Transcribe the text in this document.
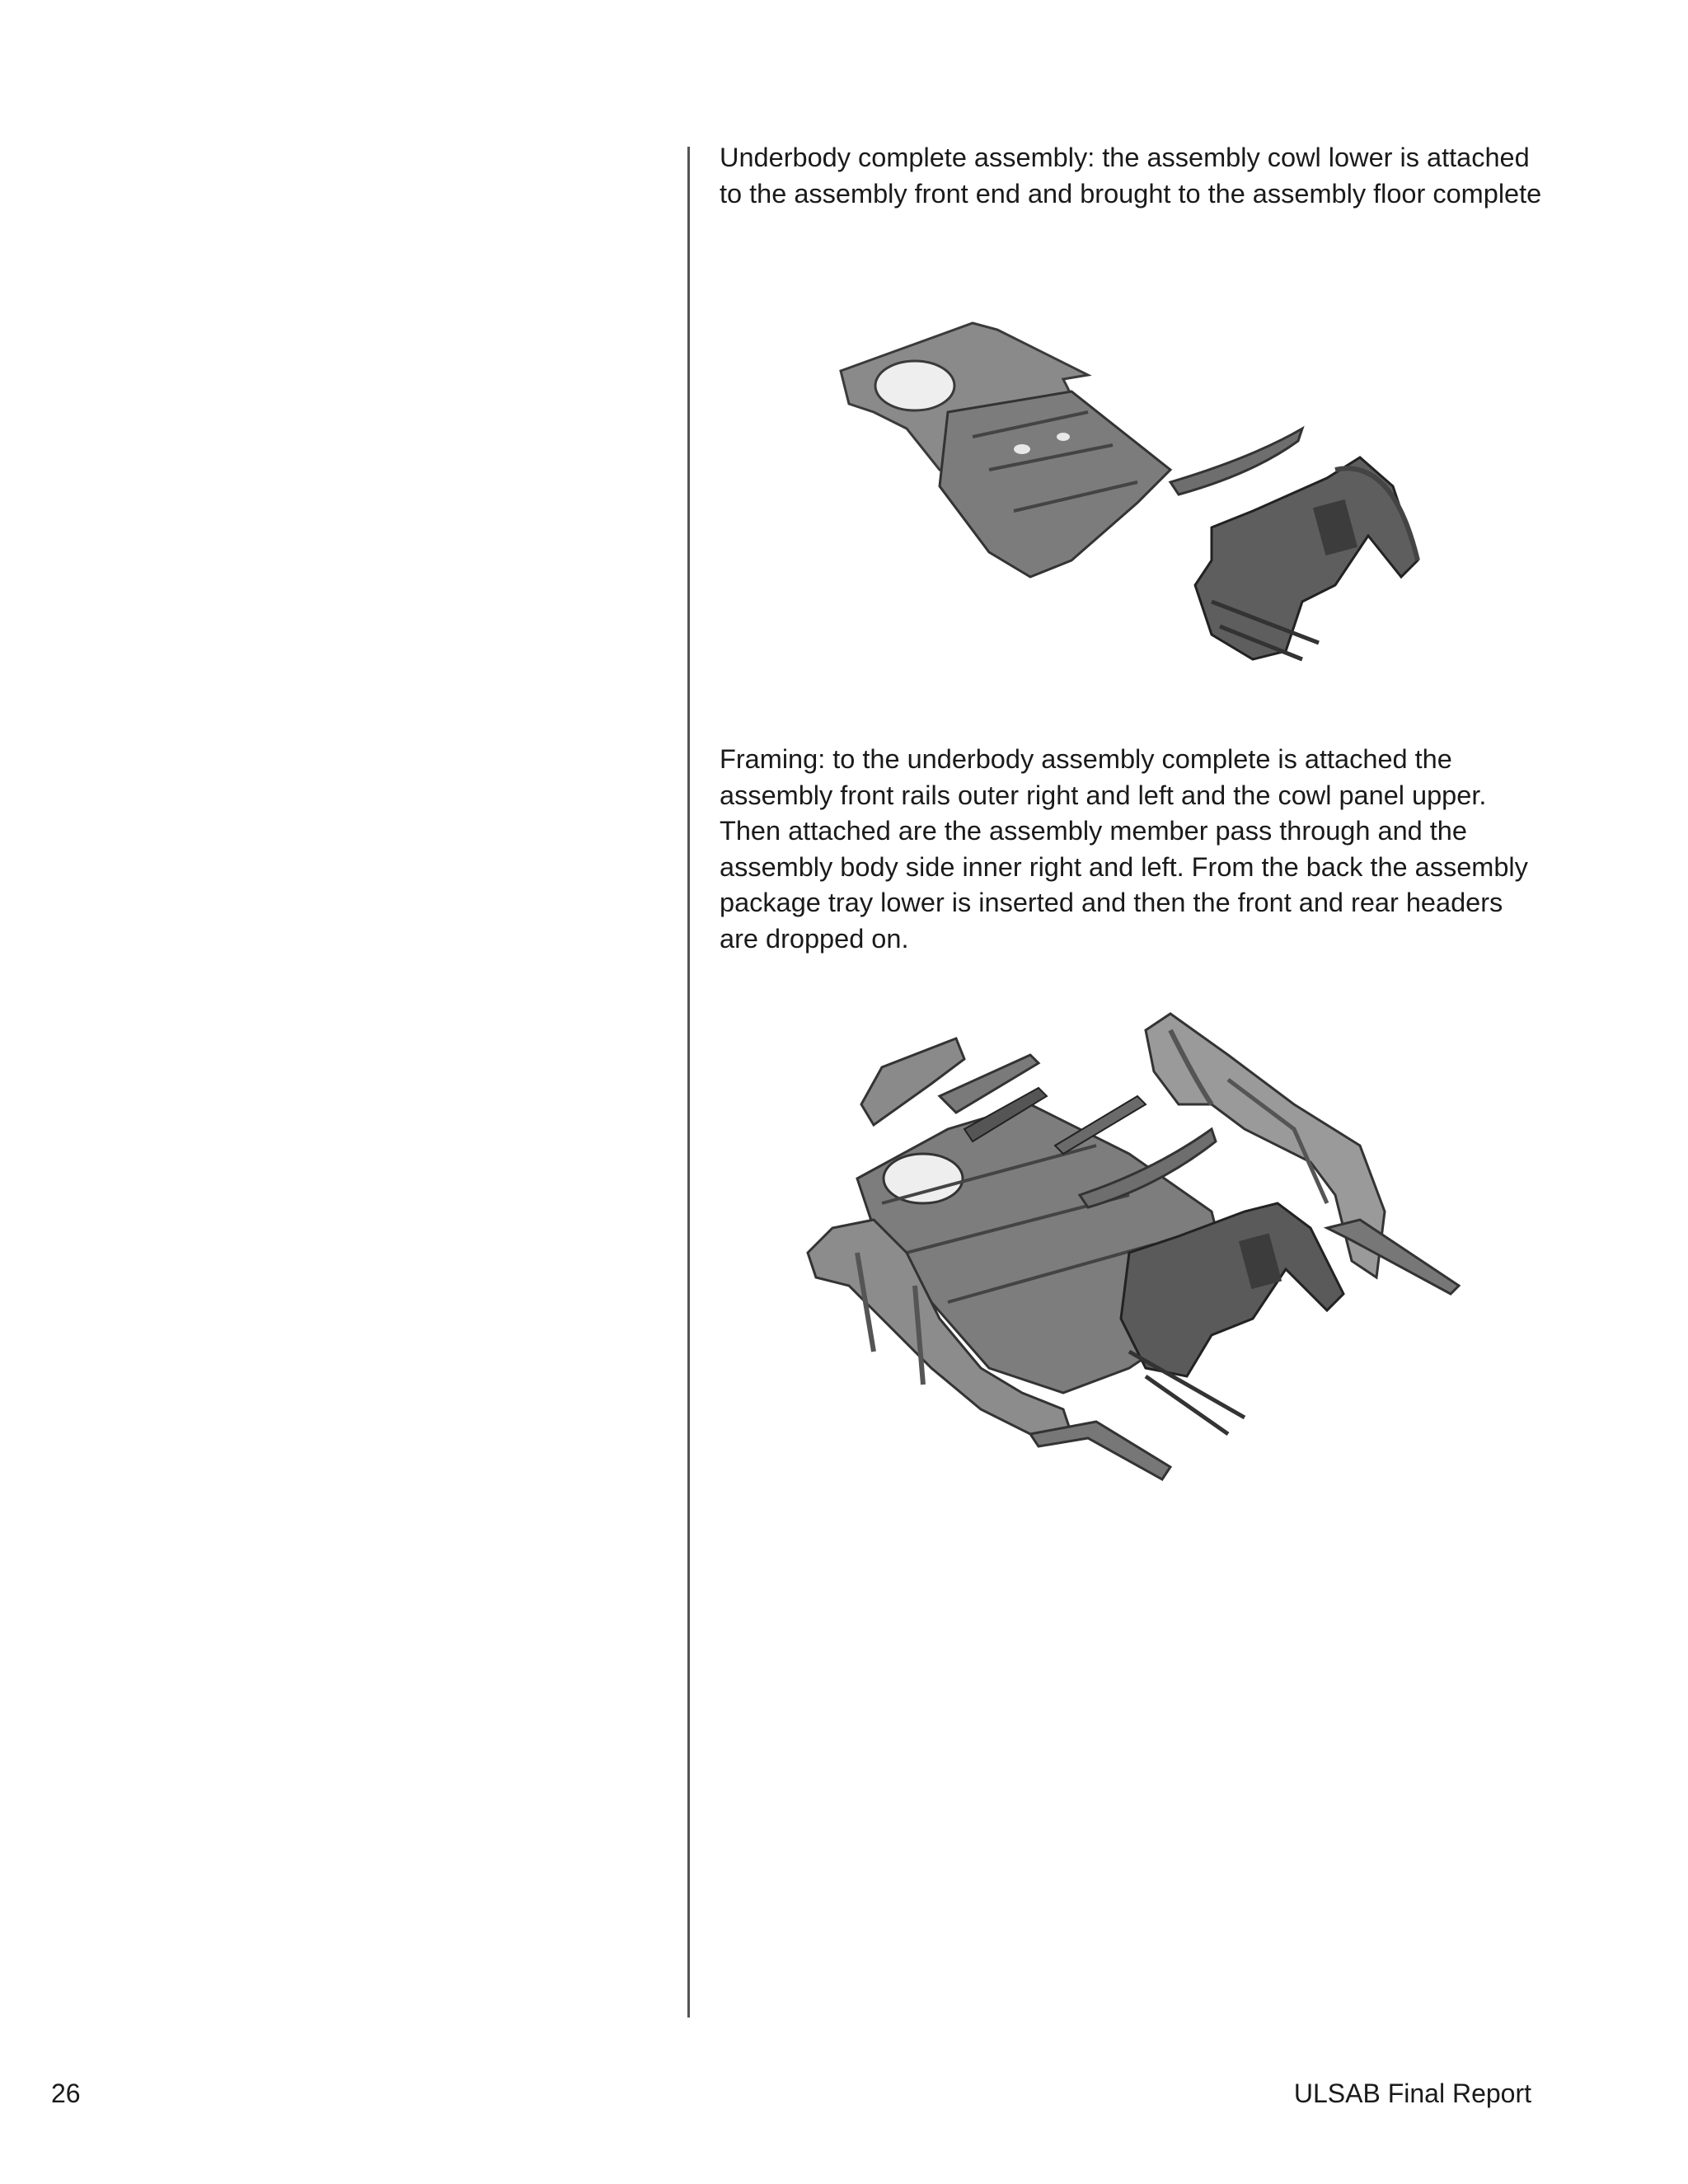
Underbody complete assembly: the assembly cowl lower is attached to the assembly front end and brought to the assembly floor complete

Framing: to the underbody assembly complete is attached the assembly front rails outer right and left and the cowl panel upper. Then attached are the assembly member pass through and the assembly body side inner right and left. From the back the assembly package tray lower is inserted and then the front and rear headers are dropped on.

26	ULSAB Final Report
